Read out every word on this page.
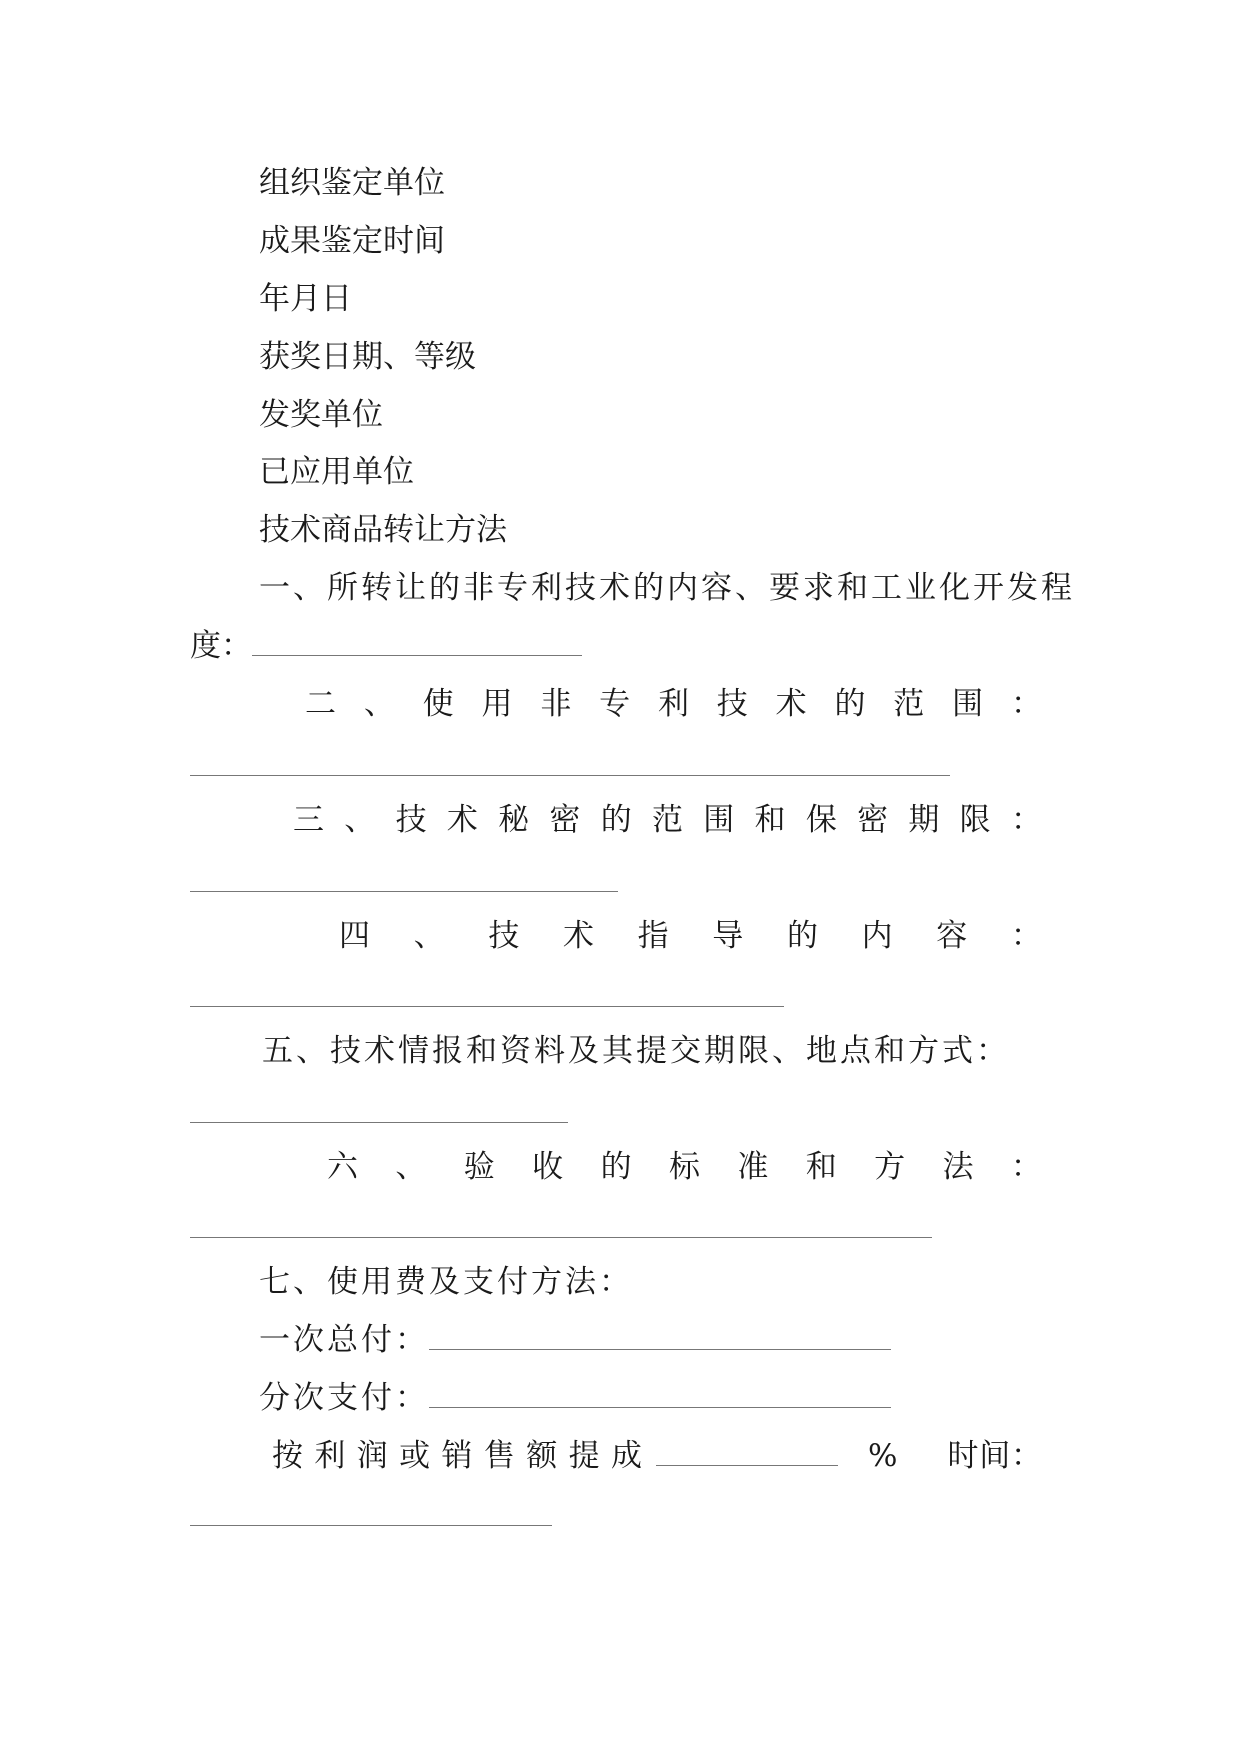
组织鉴定单位
成果鉴定时间
年月日
获奖日期、等级
发奖单位
已应用单位
技术商品转让方法
一、所转让的非专利技术的内容、要求和工业化开发程
度：
二 、 使 用 非 专 利 技 术 的 范 围 ：
三 、 技 术 秘 密 的 范 围 和 保 密 期 限 ：
四 、 技 术 指 导 的 内 容 ：
五、技术情报和资料及其提交期限、地点和方式：
六 、 验 收 的 标 准 和 方 法 ：
七、使用费及支付方法：
一次总付：
分次支付：
按 利 润 或 销 售 额 提 成	% 时 间 ：
